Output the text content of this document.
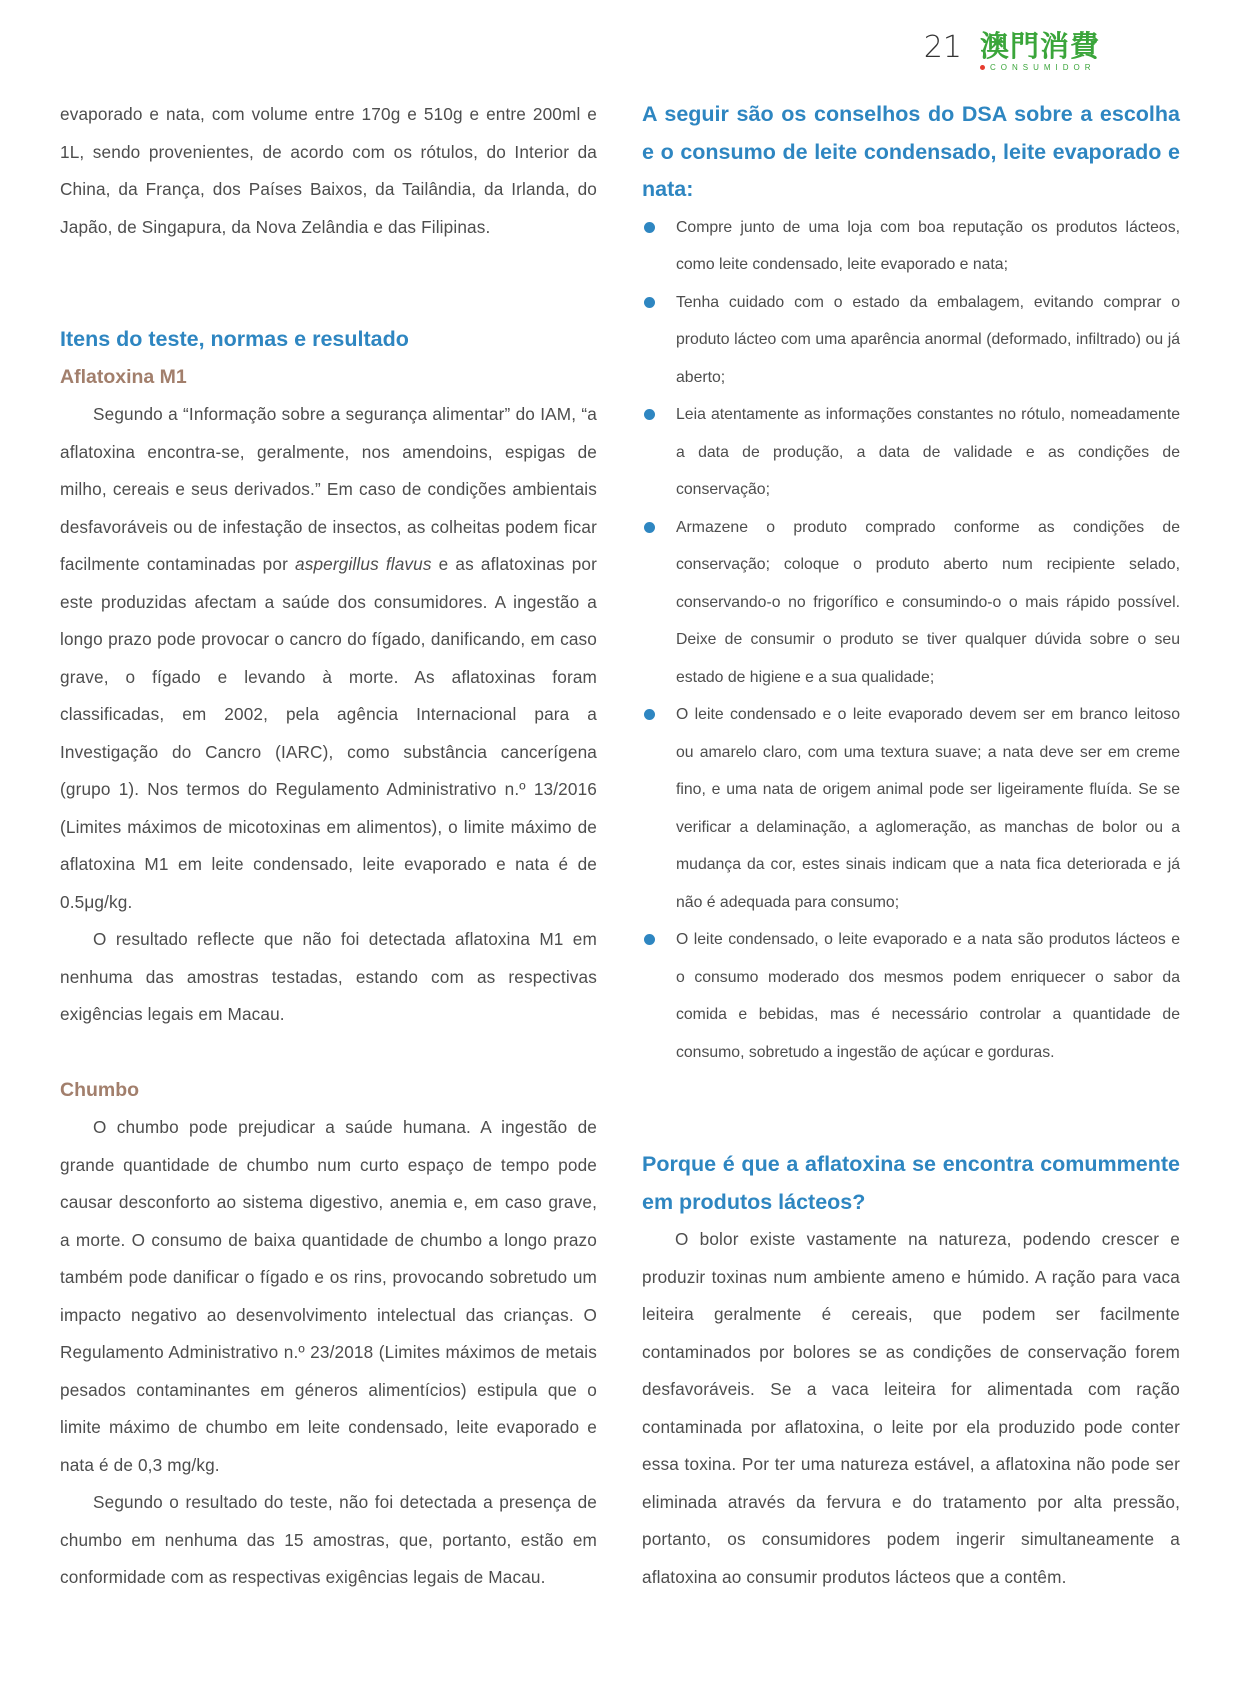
21 澳門消費
CONSUMIDOR

evaporado e nata, com volume entre 170g e 510g e entre 200ml e 1L, sendo provenientes, de acordo com os rótulos, do Interior da China, da França, dos Países Baixos, da Tailândia, da Irlanda, do Japão, de Singapura, da Nova Zelândia e das Filipinas.

Itens do teste, normas e resultado
Aflatoxina M1

Segundo a “Informação sobre a segurança alimentar” do IAM, “a aflatoxina encontra-se, geralmente, nos amendoins, espigas de milho, cereais e seus derivados.” Em caso de condições ambientais desfavoráveis ou de infestação de insectos, as colheitas podem ficar facilmente contaminadas por aspergillus flavus e as aflatoxinas por este produzidas afectam a saúde dos consumidores. A ingestão a longo prazo pode provocar o cancro do fígado, danificando, em caso grave, o fígado e levando à morte. As aflatoxinas foram classificadas, em 2002, pela agência Internacional para a Investigação do Cancro (IARC), como substância cancerígena (grupo 1). Nos termos do Regulamento Administrativo n.º 13/2016 (Limites máximos de micotoxinas em alimentos), o limite máximo de aflatoxina M1 em leite condensado, leite evaporado e nata é de 0.5μg/kg.

O resultado reflecte que não foi detectada aflatoxina M1 em nenhuma das amostras testadas, estando com as respectivas exigências legais em Macau.

Chumbo

O chumbo pode prejudicar a saúde humana. A ingestão de grande quantidade de chumbo num curto espaço de tempo pode causar desconforto ao sistema digestivo, anemia e, em caso grave, a morte. O consumo de baixa quantidade de chumbo a longo prazo também pode danificar o fígado e os rins, provocando sobretudo um impacto negativo ao desenvolvimento intelectual das crianças. O Regulamento Administrativo n.º 23/2018 (Limites máximos de metais pesados contaminantes em géneros alimentícios) estipula que o limite máximo de chumbo em leite condensado, leite evaporado e nata é de 0,3 mg/kg.

Segundo o resultado do teste, não foi detectada a presença de chumbo em nenhuma das 15 amostras, que, portanto, estão em conformidade com as respectivas exigências legais de Macau.

A seguir são os conselhos do DSA sobre a escolha e o consumo de leite condensado, leite evaporado e nata:
Compre junto de uma loja com boa reputação os produtos lácteos, como leite condensado, leite evaporado e nata;
Tenha cuidado com o estado da embalagem, evitando comprar o produto lácteo com uma aparência anormal (deformado, infiltrado) ou já aberto;
Leia atentamente as informações constantes no rótulo, nomeadamente a data de produção, a data de validade e as condições de conservação;
Armazene o produto comprado conforme as condições de conservação; coloque o produto aberto num recipiente selado, conservando-o no frigorífico e consumindo-o o mais rápido possível. Deixe de consumir o produto se tiver qualquer dúvida sobre o seu estado de higiene e a sua qualidade;
O leite condensado e o leite evaporado devem ser em branco leitoso ou amarelo claro, com uma textura suave; a nata deve ser em creme fino, e uma nata de origem animal pode ser ligeiramente fluída. Se se verificar a delaminação, a aglomeração, as manchas de bolor ou a mudança da cor, estes sinais indicam que a nata fica deteriorada e já não é adequada para consumo;
O leite condensado, o leite evaporado e a nata são produtos lácteos e o consumo moderado dos mesmos podem enriquecer o sabor da comida e bebidas, mas é necessário controlar a quantidade de consumo, sobretudo a ingestão de açúcar e gorduras.
Porque é que a aflatoxina se encontra comummente em produtos lácteos?

O bolor existe vastamente na natureza, podendo crescer e produzir toxinas num ambiente ameno e húmido. A ração para vaca leiteira geralmente é cereais, que podem ser facilmente contaminados por bolores se as condições de conservação forem desfavoráveis. Se a vaca leiteira for alimentada com ração contaminada por aflatoxina, o leite por ela produzido pode conter essa toxina. Por ter uma natureza estável, a aflatoxina não pode ser eliminada através da fervura e do tratamento por alta pressão, portanto, os consumidores podem ingerir simultaneamente a aflatoxina ao consumir produtos lácteos que a contêm.
